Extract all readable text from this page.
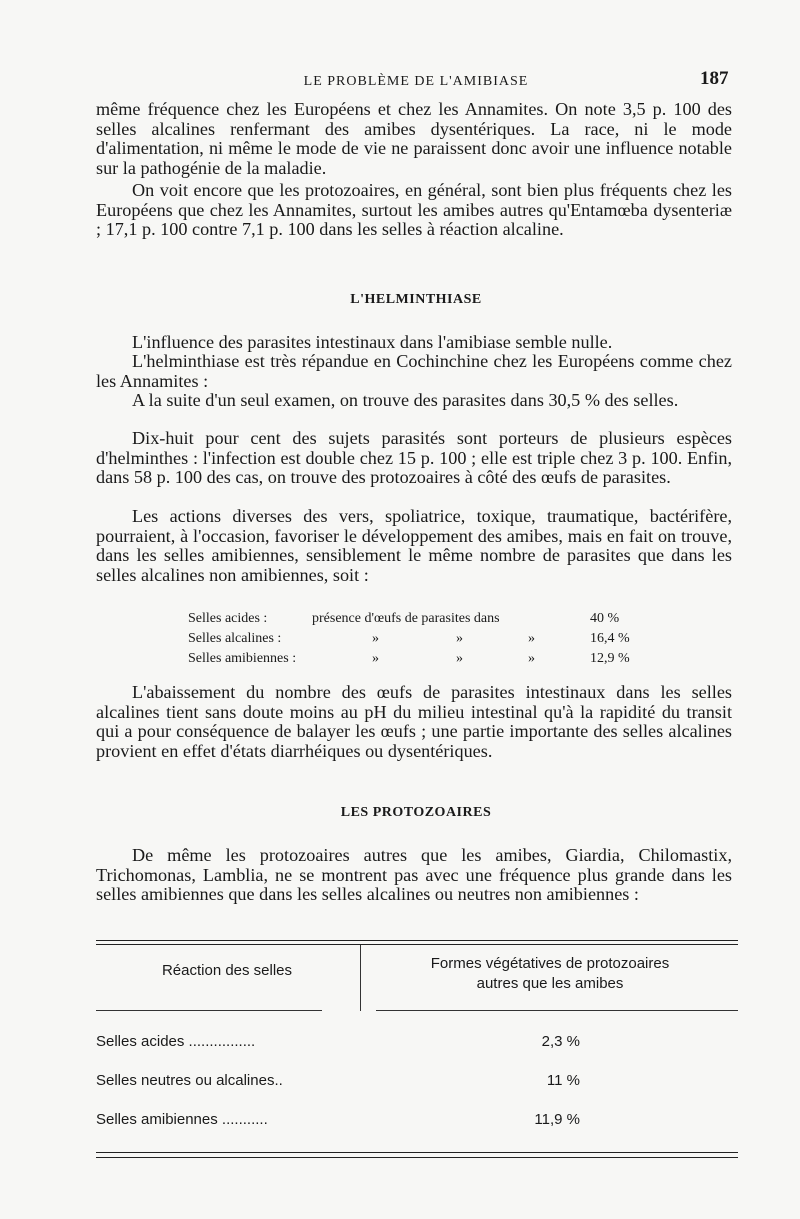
LE PROBLÈME DE L'AMIBIASE	187
même fréquence chez les Européens et chez les Annamites. On note 3,5 p. 100 des selles alcalines renfermant des amibes dysentériques. La race, ni le mode d'alimentation, ni même le mode de vie ne paraissent donc avoir une influence notable sur la pathogénie de la maladie.
On voit encore que les protozoaires, en général, sont bien plus fréquents chez les Européens que chez les Annamites, surtout les amibes autres qu'Entamœba dysenteriæ ; 17,1 p. 100 contre 7,1 p. 100 dans les selles à réaction alcaline.
L'HELMINTHIASE
L'influence des parasites intestinaux dans l'amibiase semble nulle.
L'helminthiase est très répandue en Cochinchine chez les Européens comme chez les Annamites :
A la suite d'un seul examen, on trouve des parasites dans 30,5 % des selles.
Dix-huit pour cent des sujets parasités sont porteurs de plusieurs espèces d'helminthes : l'infection est double chez 15 p. 100 ; elle est triple chez 3 p. 100. Enfin, dans 58 p. 100 des cas, on trouve des protozoaires à côté des œufs de parasites.
Les actions diverses des vers, spoliatrice, toxique, traumatique, bactérifère, pourraient, à l'occasion, favoriser le développement des amibes, mais en fait on trouve, dans les selles amibiennes, sensiblement le même nombre de parasites que dans les selles alcalines non amibiennes, soit :
Selles acides :	présence d'œufs de parasites dans	40 %
Selles alcalines :	»	»	»	16,4 %
Selles amibiennes :	»	»	»	12,9 %
L'abaissement du nombre des œufs de parasites intestinaux dans les selles alcalines tient sans doute moins au pH du milieu intestinal qu'à la rapidité du transit qui a pour conséquence de balayer les œufs ; une partie importante des selles alcalines provient en effet d'états diarrhéiques ou dysentériques.
LES PROTOZOAIRES
De même les protozoaires autres que les amibes, Giardia, Chilomastix, Trichomonas, Lamblia, ne se montrent pas avec une fréquence plus grande dans les selles amibiennes que dans les selles alcalines ou neutres non amibiennes :
Réaction des selles	Formes végétatives de protozoaires
autres que les amibes
Selles acides ................	2,3 %
Selles neutres ou alcalines..	11 %
Selles amibiennes ...........	11,9 %
